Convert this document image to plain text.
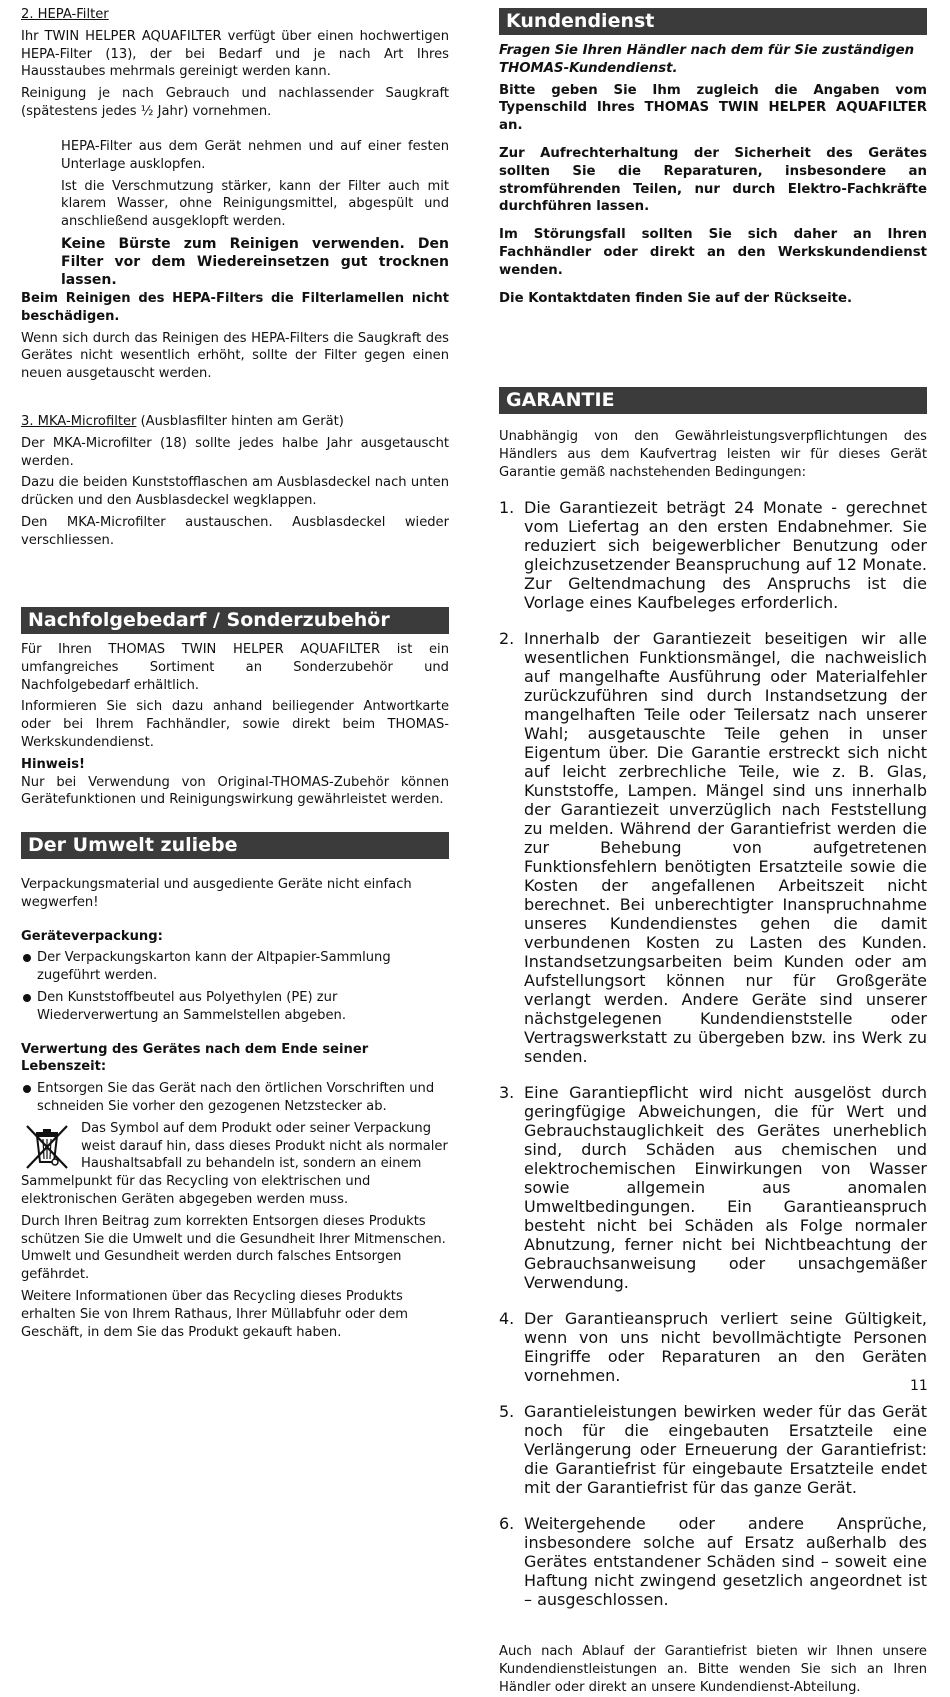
2. HEPA-Filter

Ihr TWIN HELPER AQUAFILTER verfügt über einen hochwertigen HEPA-Filter (13), der bei Bedarf und je nach Art Ihres Hausstaubes mehrmals gereinigt werden kann.

Reinigung je nach Gebrauch und nachlassender Saugkraft (spätestens jedes ½ Jahr) vornehmen.

HEPA-Filter aus dem Gerät nehmen und auf einer festen Unterlage ausklopfen.

Ist die Verschmutzung stärker, kann der Filter auch mit klarem Wasser, ohne Reinigungsmittel, abgespült und anschließend ausgeklopft werden.

Keine Bürste zum Reinigen verwenden. Den Filter vor dem Wiedereinsetzen gut trocknen lassen.

Beim Reinigen des HEPA-Filters die Filterlamellen nicht beschädigen.

Wenn sich durch das Reinigen des HEPA-Filters die Saugkraft des Gerätes nicht wesentlich erhöht, sollte der Filter gegen einen neuen ausgetauscht werden.

3. MKA-Microfilter (Ausblasfilter hinten am Gerät)

Der MKA-Microfilter (18) sollte jedes halbe Jahr ausgetauscht werden.

Dazu die beiden Kunststofflaschen am Ausblasdeckel nach unten drücken und den Ausblasdeckel wegklappen.

Den MKA-Microfilter austauschen. Ausblasdeckel wieder verschliessen.

Nachfolgebedarf / Sonderzubehör

Für Ihren THOMAS TWIN HELPER AQUAFILTER ist ein umfangreiches Sortiment an Sonderzubehör und Nachfolgebedarf erhältlich.

Informieren Sie sich dazu anhand beiliegender Antwortkarte oder bei Ihrem Fachhändler, sowie direkt beim THOMAS-Werkskundendienst.

Hinweis!

Nur bei Verwendung von Original-THOMAS-Zubehör können Gerätefunktionen und Reinigungswirkung gewährleistet werden.

Der Umwelt zuliebe

Verpackungsmaterial und ausgediente Geräte nicht einfach wegwerfen!

Geräteverpackung:

Der Verpackungskarton kann der Altpapier-Sammlung zugeführt werden.

Den Kunststoffbeutel aus Polyethylen (PE) zur Wiederverwertung an Sammelstellen abgeben.

Verwertung des Gerätes nach dem Ende seiner Lebenszeit:

Entsorgen Sie das Gerät nach den örtlichen Vorschriften und schneiden Sie vorher den gezogenen Netzstecker ab.

Das Symbol auf dem Produkt oder seiner Verpackung weist darauf hin, dass dieses Produkt nicht als normaler Haushaltsabfall zu behandeln ist, sondern an einem Sammelpunkt für das Recycling von elektrischen und elektronischen Geräten abgegeben werden muss.

Durch Ihren Beitrag zum korrekten Entsorgen dieses Produkts schützen Sie die Umwelt und die Gesundheit Ihrer Mitmenschen. Umwelt und Gesundheit werden durch falsches Entsorgen gefährdet.

Weitere Informationen über das Recycling dieses Produkts erhalten Sie von Ihrem Rathaus, Ihrer Müllabfuhr oder dem Geschäft, in dem Sie das Produkt gekauft haben.

Kundendienst

Fragen Sie Ihren Händler nach dem für Sie zuständigen THOMAS-Kundendienst.

Bitte geben Sie Ihm zugleich die Angaben vom Typenschild Ihres THOMAS TWIN HELPER AQUAFILTER an.

Zur Aufrechterhaltung der Sicherheit des Gerätes sollten Sie die Reparaturen, insbesondere an stromführenden Teilen, nur durch Elektro-Fachkräfte durchführen lassen.

Im Störungsfall sollten Sie sich daher an Ihren Fachhändler oder direkt an den Werkskundendienst wenden.

Die Kontaktdaten finden Sie auf der Rückseite.

GARANTIE

Unabhängig von den Gewährleistungsverpflichtungen des Händlers aus dem Kaufvertrag leisten wir für dieses Gerät Garantie gemäß nachstehenden Bedingungen:

1. Die Garantiezeit beträgt 24 Monate - gerechnet vom Liefertag an den ersten Endabnehmer. Sie reduziert sich beigewerblicher Benutzung oder gleichzusetzender Beanspruchung auf 12 Monate. Zur Geltendmachung des Anspruchs ist die Vorlage eines Kaufbeleges erforderlich.
2. Innerhalb der Garantiezeit beseitigen wir alle wesentlichen Funktionsmängel, die nachweislich auf mangelhafte Ausführung oder Materialfehler zurückzuführen sind durch Instandsetzung der mangelhaften Teile oder Teilersatz nach unserer Wahl; ausgetauschte Teile gehen in unser Eigentum über. Die Garantie erstreckt sich nicht auf leicht zerbrechliche Teile, wie z. B. Glas, Kunststoffe, Lampen. Mängel sind uns innerhalb der Garantiezeit unverzüglich nach Feststellung zu melden. Während der Garantiefrist werden die zur Behebung von aufgetretenen Funktionsfehlern benötigten Ersatzteile sowie die Kosten der angefallenen Arbeitszeit nicht berechnet. Bei unberechtigter Inanspruchnahme unseres Kundendienstes gehen die damit verbundenen Kosten zu Lasten des Kunden. Instandsetzungsarbeiten beim Kunden oder am Aufstellungsort können nur für Großgeräte verlangt werden. Andere Geräte sind unserer nächstgelegenen Kundendienststelle oder Vertragswerkstatt zu übergeben bzw. ins Werk zu senden.
3. Eine Garantiepflicht wird nicht ausgelöst durch geringfügige Abweichungen, die für Wert und Gebrauchstauglichkeit des Gerätes unerheblich sind, durch Schäden aus chemischen und elektrochemischen Einwirkungen von Wasser sowie allgemein aus anomalen Umweltbedingungen. Ein Garantieanspruch besteht nicht bei Schäden als Folge normaler Abnutzung, ferner nicht bei Nichtbeachtung der Gebrauchsanweisung oder unsachgemäßer Verwendung.
4. Der Garantieanspruch verliert seine Gültigkeit, wenn von uns nicht bevollmächtigte Personen Eingriffe oder Reparaturen an den Geräten vornehmen.
5. Garantieleistungen bewirken weder für das Gerät noch für die eingebauten Ersatzteile eine Verlängerung oder Erneuerung der Garantiefrist: die Garantiefrist für eingebaute Ersatzteile endet mit der Garantiefrist für das ganze Gerät.
6. Weitergehende oder andere Ansprüche, insbesondere solche auf Ersatz außerhalb des Gerätes entstandener Schäden sind – soweit eine Haftung nicht zwingend gesetzlich angeordnet ist – ausgeschlossen.

Auch nach Ablauf der Garantiefrist bieten wir Ihnen unsere Kundendienstleistungen an. Bitte wenden Sie sich an Ihren Händler oder direkt an unsere Kundendienst-Abteilung.

11
